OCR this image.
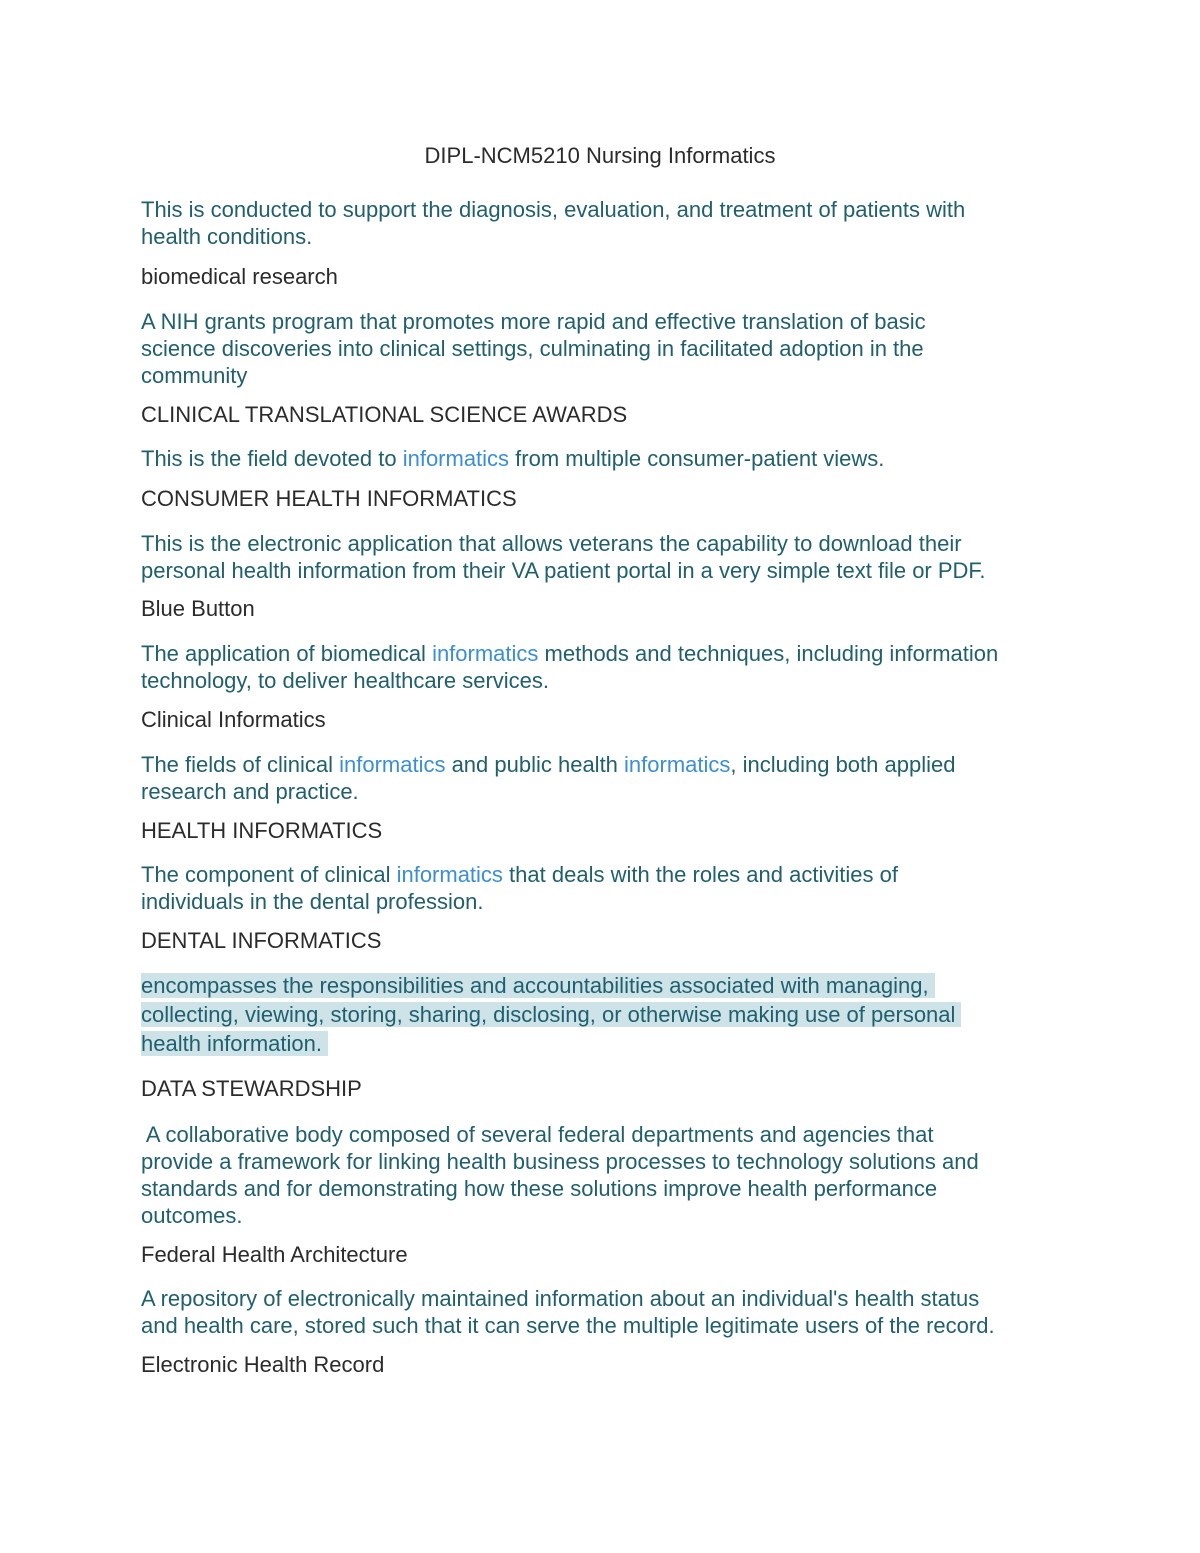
DIPL-NCM5210 Nursing Informatics

This is conducted to support the diagnosis, evaluation, and treatment of patients with
health conditions.

biomedical research

A NIH grants program that promotes more rapid and effective translation of basic
science discoveries into clinical settings, culminating in facilitated adoption in the
community

CLINICAL TRANSLATIONAL SCIENCE AWARDS

This is the field devoted to informatics from multiple consumer-patient views.

CONSUMER HEALTH INFORMATICS

This is the electronic application that allows veterans the capability to download their
personal health information from their VA patient portal in a very simple text file or PDF.

Blue Button

The application of biomedical informatics methods and techniques, including information
technology, to deliver healthcare services.

Clinical Informatics

The fields of clinical informatics and public health informatics, including both applied
research and practice.

HEALTH INFORMATICS

The component of clinical informatics that deals with the roles and activities of
individuals in the dental profession.

DENTAL INFORMATICS

encompasses the responsibilities and accountabilities associated with managing,
collecting, viewing, storing, sharing, disclosing, or otherwise making use of personal
health information.

DATA STEWARDSHIP

A collaborative body composed of several federal departments and agencies that
provide a framework for linking health business processes to technology solutions and
standards and for demonstrating how these solutions improve health performance
outcomes.

Federal Health Architecture

A repository of electronically maintained information about an individual's health status
and health care, stored such that it can serve the multiple legitimate users of the record.

Electronic Health Record
